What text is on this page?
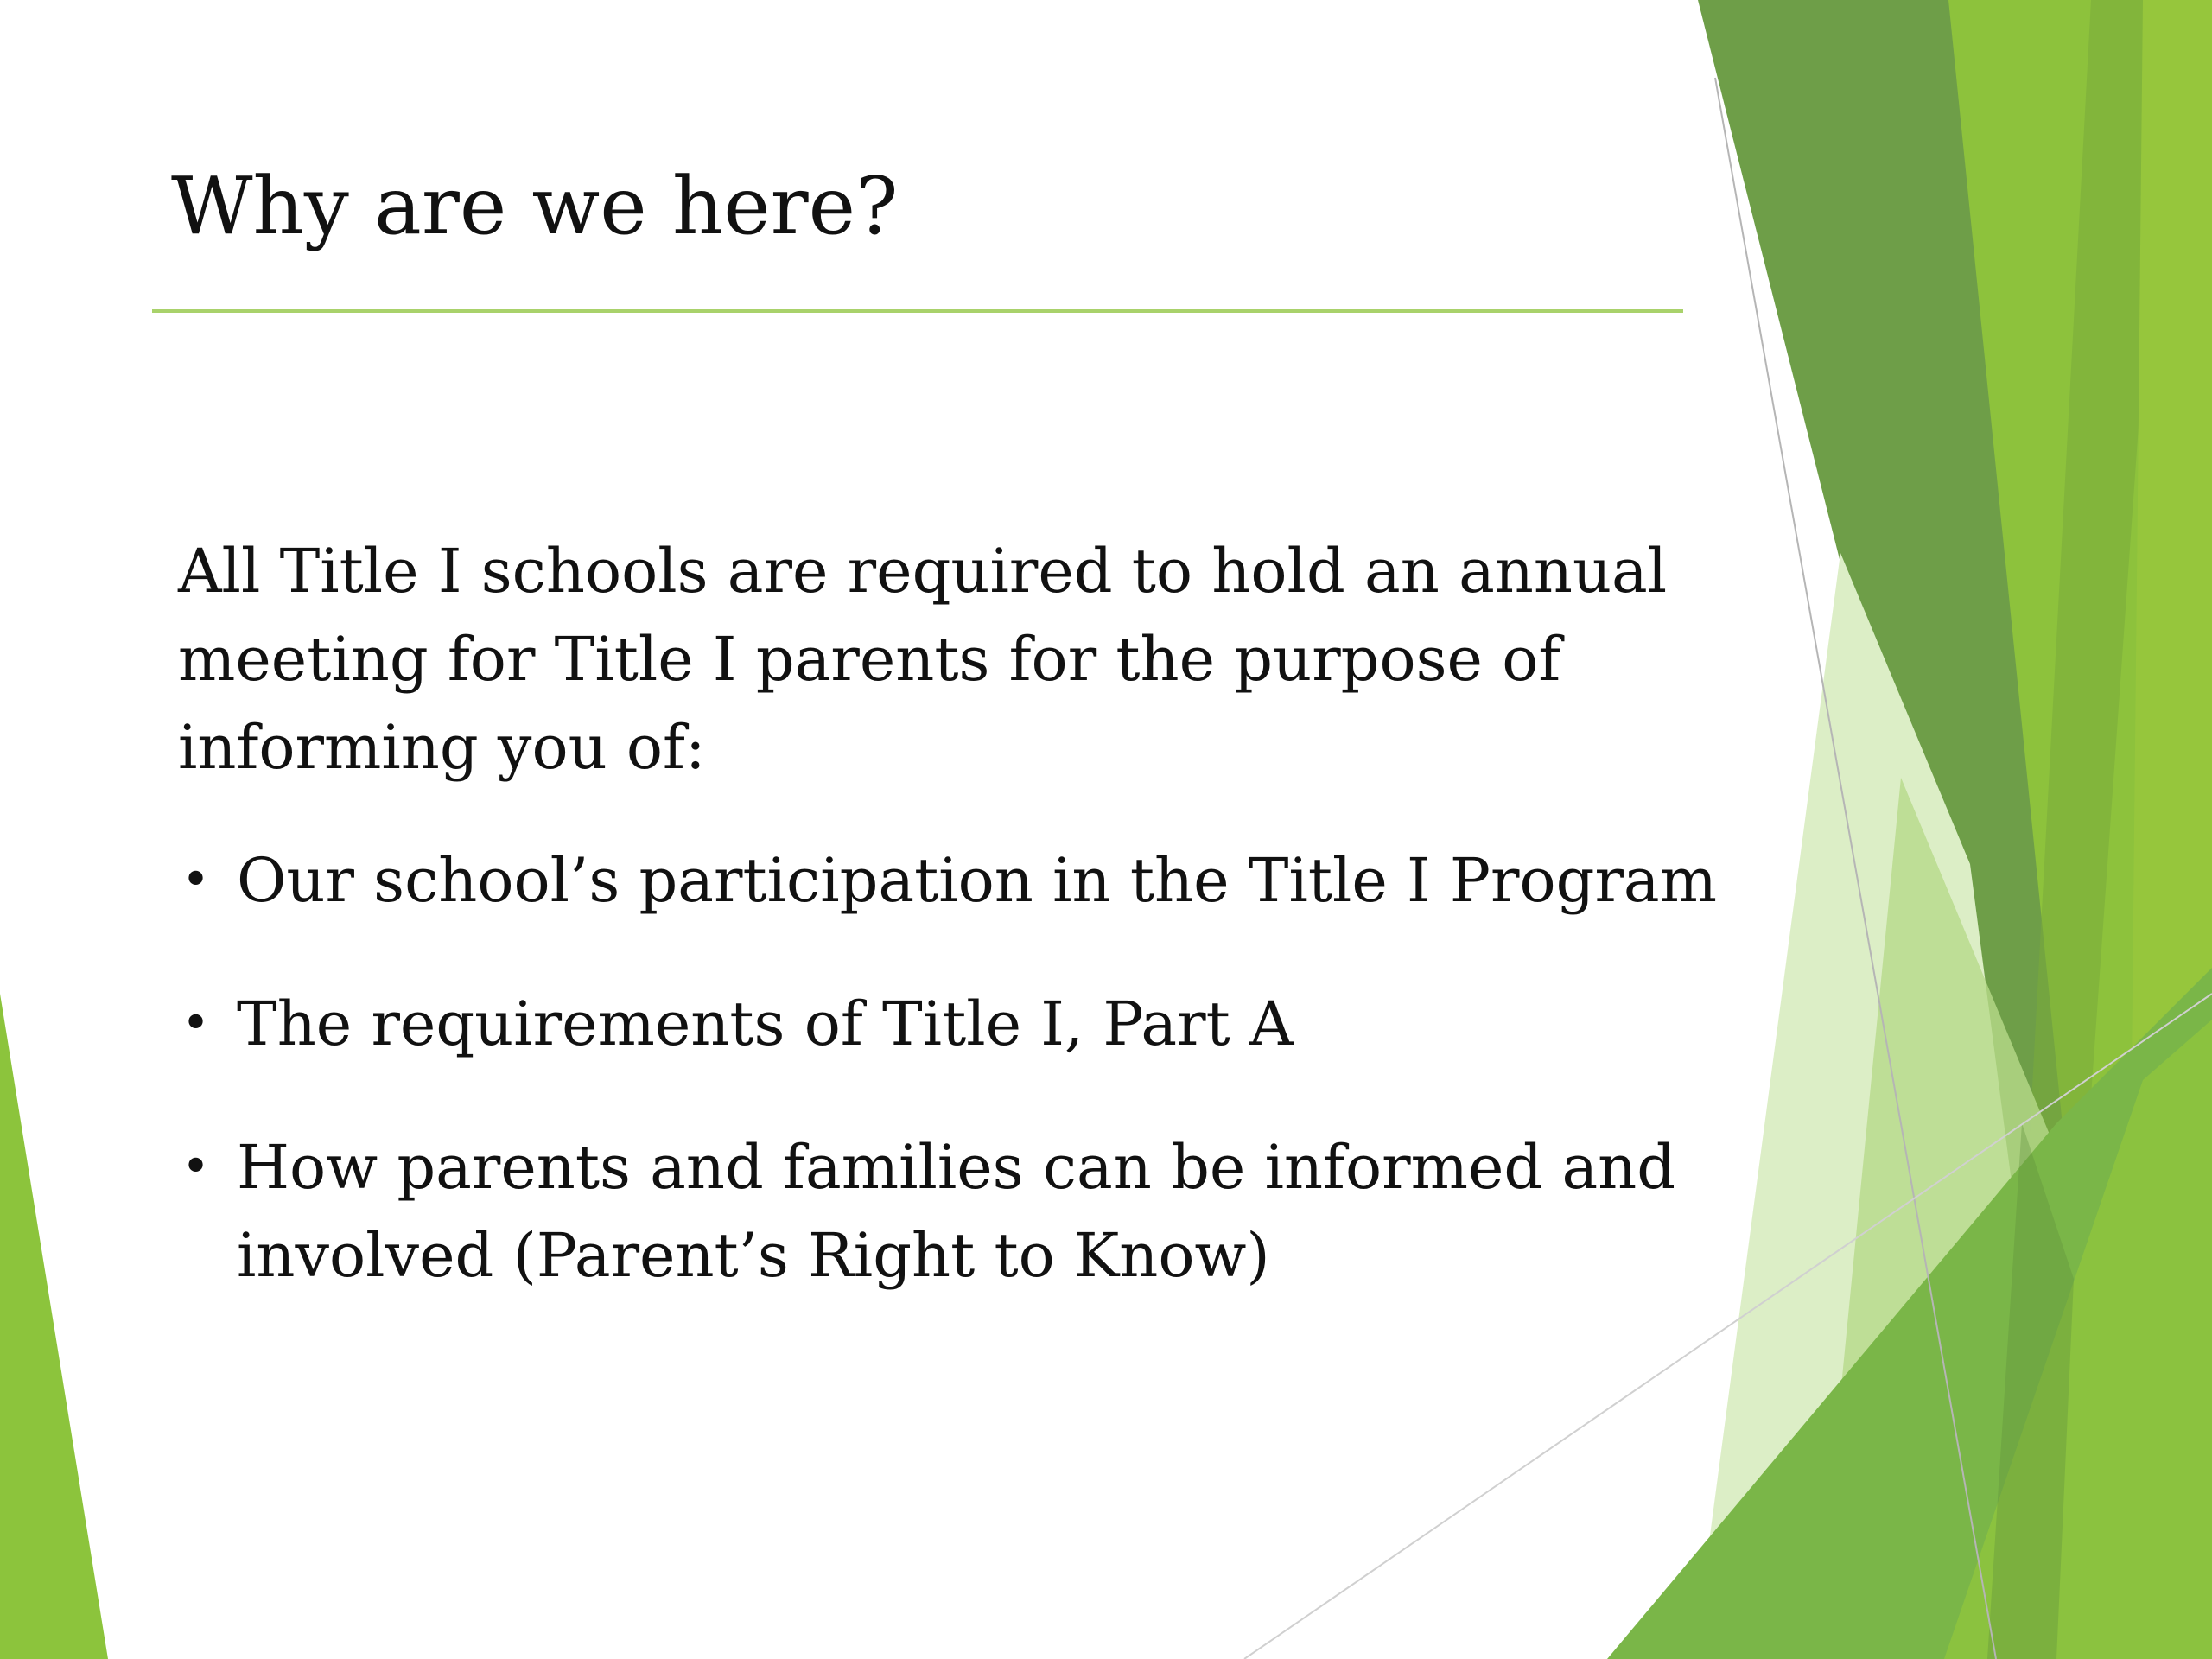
Why are we here?

All Title I schools are required to hold an annual meeting for Title I parents for the purpose of informing you of:

• Our school’s participation in the Title I Program
• The requirements of Title I, Part A
• How parents and families can be informed and involved (Parent’s Right to Know)
